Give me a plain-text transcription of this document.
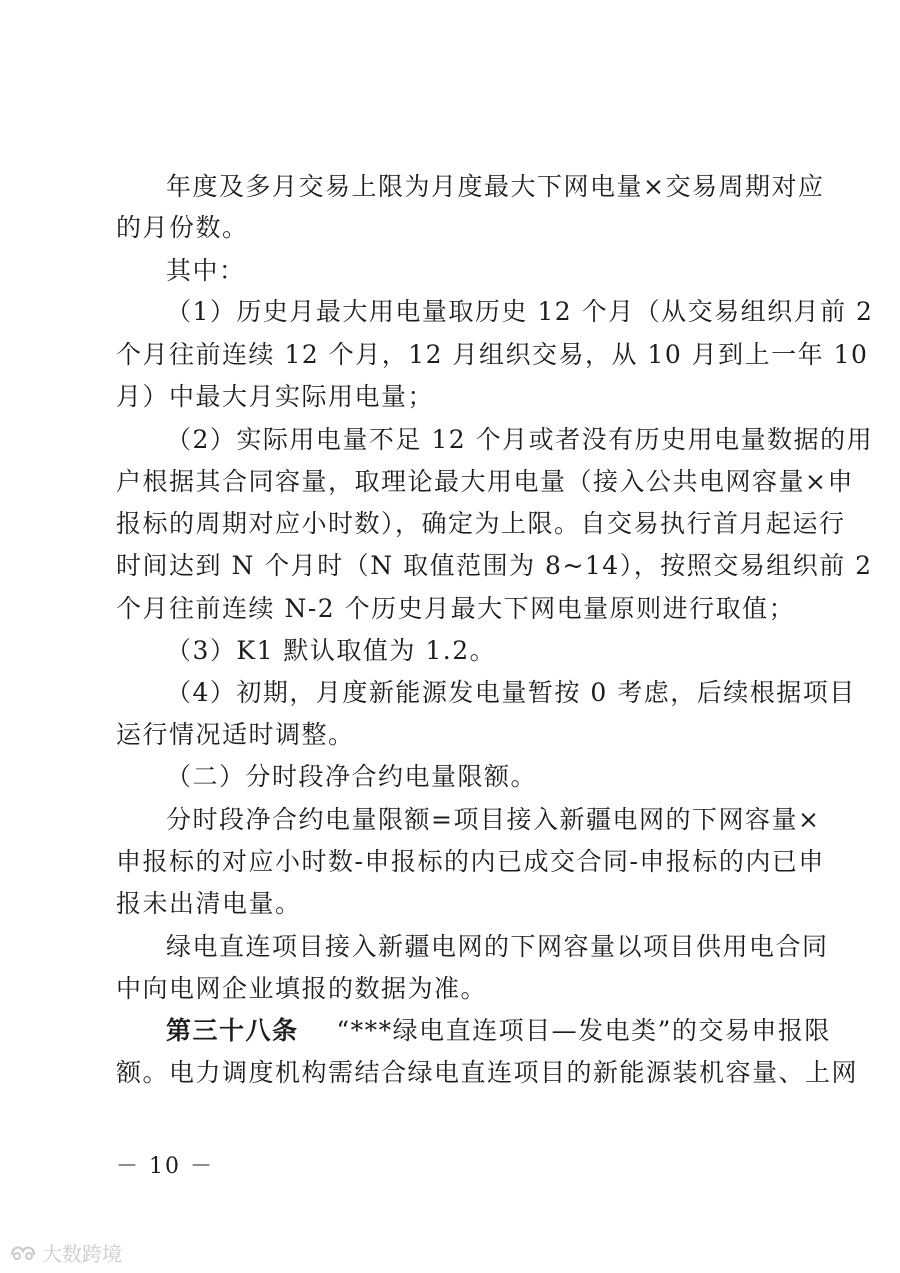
年度及多月交易上限为月度最大下网电量×交易周期对应
的月份数。
其中：
（1）历史月最大用电量取历史 12 个月（从交易组织月前 2
个月往前连续 12 个月，12 月组织交易，从 10 月到上一年 10
月）中最大月实际用电量；
（2）实际用电量不足 12 个月或者没有历史用电量数据的用
户根据其合同容量，取理论最大用电量（接入公共电网容量×申
报标的周期对应小时数），确定为上限。自交易执行首月起运行
时间达到 N 个月时（N 取值范围为 8~14），按照交易组织前 2
个月往前连续 N-2 个历史月最大下网电量原则进行取值；
（3）K1 默认取值为 1.2。
（4）初期，月度新能源发电量暂按 0 考虑，后续根据项目
运行情况适时调整。
（二）分时段净合约电量限额。
分时段净合约电量限额=项目接入新疆电网的下网容量×
申报标的对应小时数-申报标的内已成交合同-申报标的内已申
报未出清电量。
绿电直连项目接入新疆电网的下网容量以项目供用电合同
中向电网企业填报的数据为准。
第三十八条 “***绿电直连项目—发电类”的交易申报限
额。电力调度机构需结合绿电直连项目的新能源装机容量、上网
－ 10 －
大数跨境
